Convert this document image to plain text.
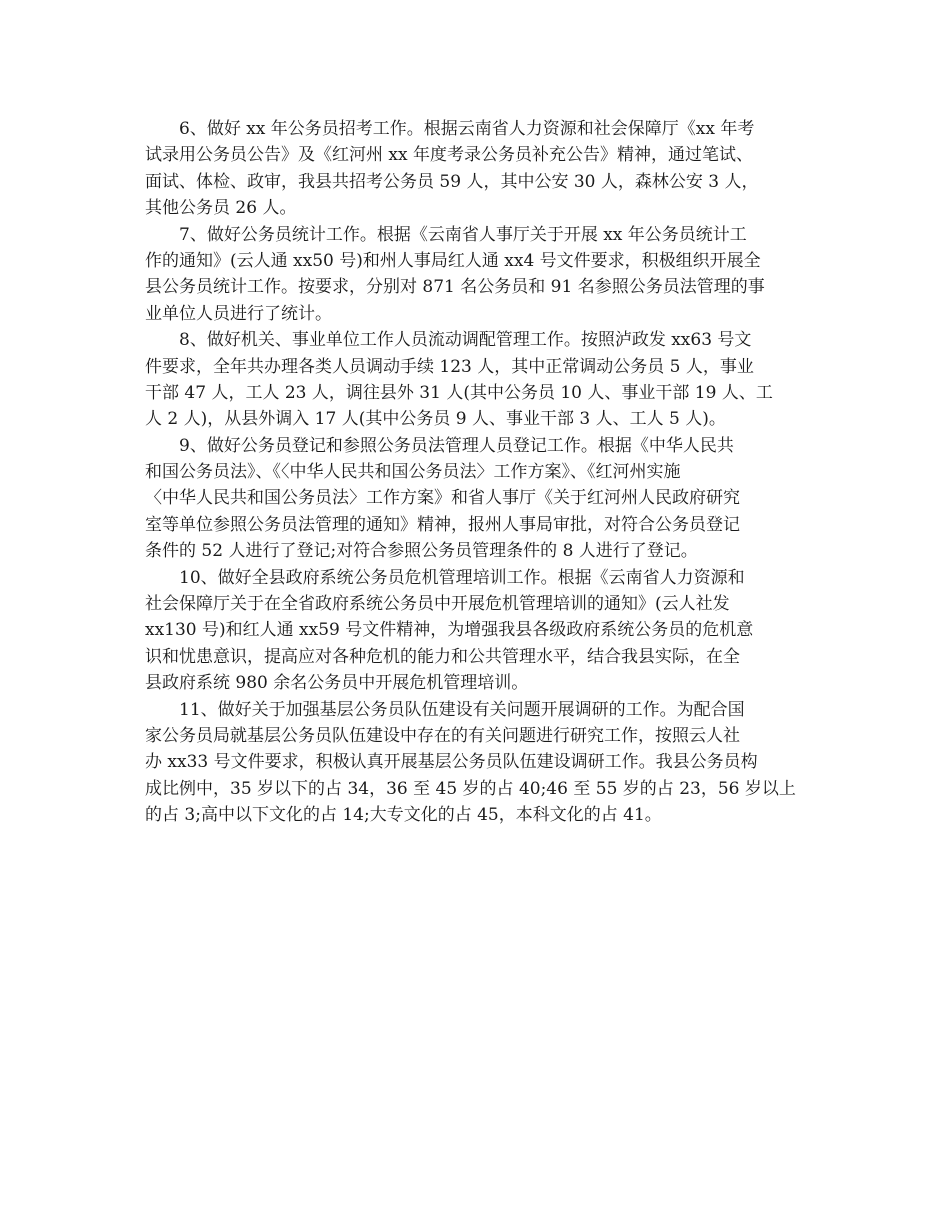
6、做好 xx 年公务员招考工作。根据云南省人力资源和社会保障厅《xx 年考
试录用公务员公告》及《红河州 xx 年度考录公务员补充公告》精神，通过笔试、
面试、体检、政审，我县共招考公务员 59 人，其中公安 30 人，森林公安 3 人，
其他公务员 26 人。
7、做好公务员统计工作。根据《云南省人事厅关于开展 xx 年公务员统计工
作的通知》(云人通 xx50 号)和州人事局红人通 xx4 号文件要求，积极组织开展全
县公务员统计工作。按要求，分别对 871 名公务员和 91 名参照公务员法管理的事
业单位人员进行了统计。
8、做好机关、事业单位工作人员流动调配管理工作。按照泸政发 xx63 号文
件要求，全年共办理各类人员调动手续 123 人，其中正常调动公务员 5 人，事业
干部 47 人，工人 23 人，调往县外 31 人(其中公务员 10 人、事业干部 19 人、工
人 2 人)，从县外调入 17 人(其中公务员 9 人、事业干部 3 人、工人 5 人)。
9、做好公务员登记和参照公务员法管理人员登记工作。根据《中华人民共
和国公务员法》、《〈中华人民共和国公务员法〉工作方案》、《红河州实施
〈中华人民共和国公务员法〉工作方案》和省人事厅《关于红河州人民政府研究
室等单位参照公务员法管理的通知》精神，报州人事局审批，对符合公务员登记
条件的 52 人进行了登记;对符合参照公务员管理条件的 8 人进行了登记。
10、做好全县政府系统公务员危机管理培训工作。根据《云南省人力资源和
社会保障厅关于在全省政府系统公务员中开展危机管理培训的通知》(云人社发
xx130 号)和红人通 xx59 号文件精神，为增强我县各级政府系统公务员的危机意
识和忧患意识，提高应对各种危机的能力和公共管理水平，结合我县实际，在全
县政府系统 980 余名公务员中开展危机管理培训。
11、做好关于加强基层公务员队伍建设有关问题开展调研的工作。为配合国
家公务员局就基层公务员队伍建设中存在的有关问题进行研究工作，按照云人社
办 xx33 号文件要求，积极认真开展基层公务员队伍建设调研工作。我县公务员构
成比例中，35 岁以下的占 34，36 至 45 岁的占 40;46 至 55 岁的占 23，56 岁以上
的占 3;高中以下文化的占 14;大专文化的占 45，本科文化的占 41。
